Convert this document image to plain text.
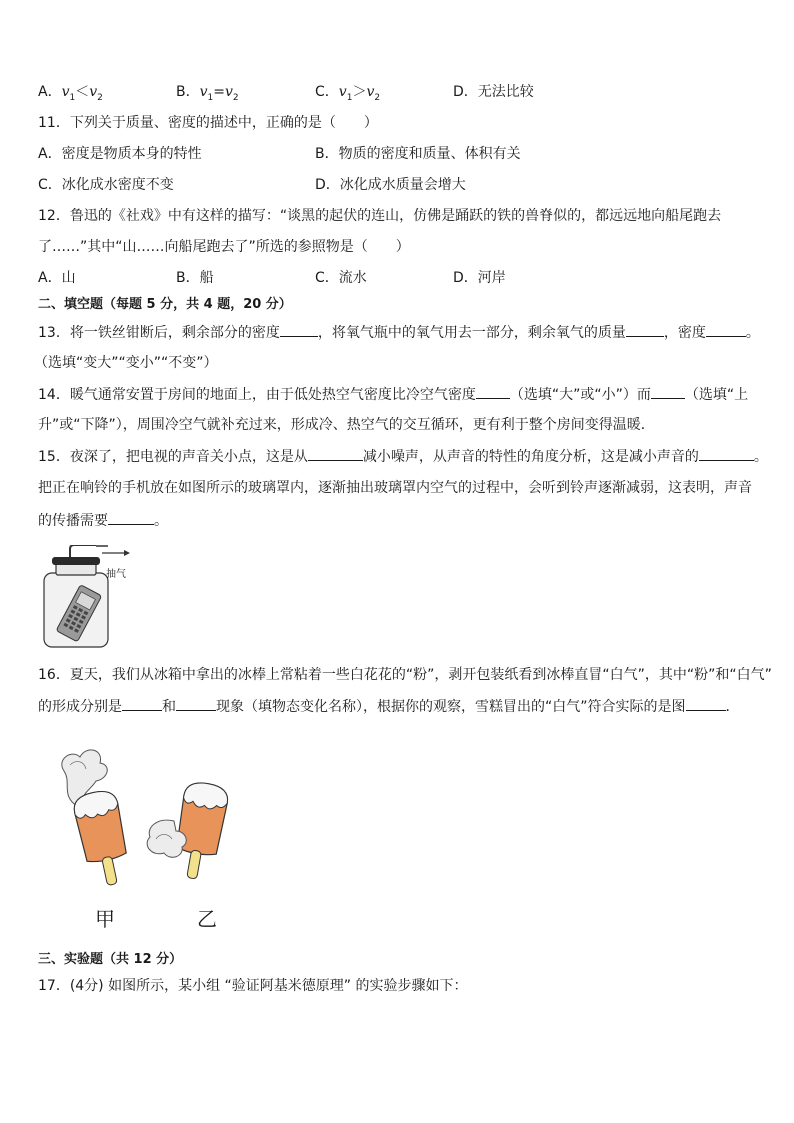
A．$v_1<v_2$	B．$v_1=v_2$	C．$v_1>v_2$	D．无法比较
11．下列关于质量、密度的描述中，正确的是（　　）
A．密度是物质本身的特性	B．物质的密度和质量、体积有关
C．冰化成水密度不变	D．冰化成水质量会增大
12．鲁迅的《社戏》中有这样的描写：“谈黑的起伏的连山，仿佛是踊跃的铁的兽脊似的，都远远地向船尾跑去
了……”其中“山……向船尾跑去了”所选的参照物是（　　）
A．山	B．船	C．流水	D．河岸
二、填空题（每题 5 分，共 4 题，20 分）
13．将一铁丝钳断后，剩余部分的密度	，将氧气瓶中的氧气用去一部分，剩余氧气的质量	，密度	。
（选填“变大”“变小”“不变”）
14．暖气通常安置于房间的地面上，由于低处热空气密度比冷空气密度 （选填“大”或“小”）而 （选填“上
升”或“下降”），周围冷空气就补充过来，形成冷、热空气的交互循环，更有利于整个房间变得温暖．
15．夜深了，把电视的声音关小点，这是从	减小噪声，从声音的特性的角度分析，这是减小声音的	。
把正在响铃的手机放在如图所示的玻璃罩内，逐渐抽出玻璃罩内空气的过程中，会听到铃声逐渐减弱，这表明，声音
的传播需要	。
抽气
16．夏天，我们从冰箱中拿出的冰棒上常粘着一些白花花的“粉”，剥开包装纸看到冰棒直冒“白气”，其中“粉”和“白气”
的形成分别是	和	现象（填物态变化名称），根据你的观察，雪糕冒出的“白气”符合实际的是图	．
甲	乙
三、实验题（共 12 分）
17．(4分) 如图所示，某小组 “验证阿基米德原理” 的实验步骤如下：
